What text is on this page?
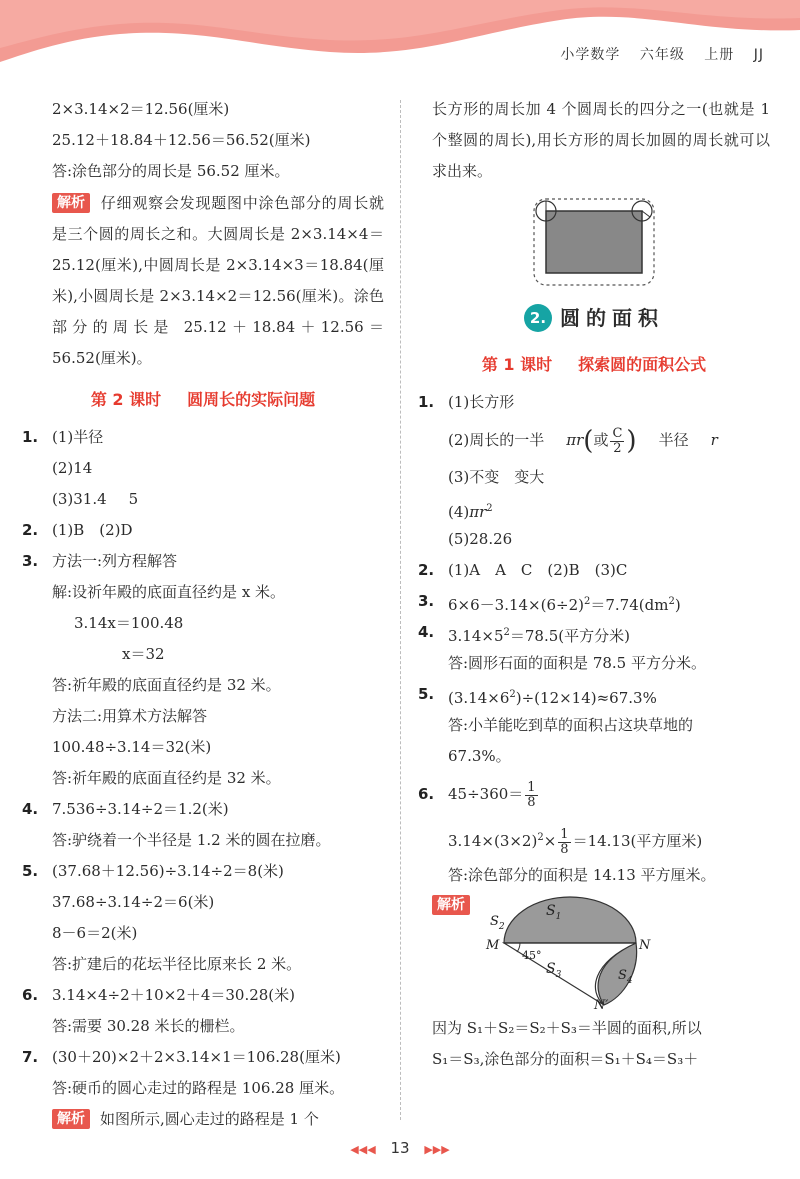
小学数学 六年级 上册 JJ
2×3.14×2＝12.56(厘米)
25.12＋18.84＋12.56＝56.52(厘米)
答:涂色部分的周长是 56.52 厘米。
解析 仔细观察会发现题图中涂色部分的周长就是三个圆的周长之和。大圆周长是 2×3.14×4＝25.12(厘米),中圆周长是 2×3.14×3＝18.84(厘米),小圆周长是 2×3.14×2＝12.56(厘米)。涂色部分的周长是 25.12＋18.84＋12.56＝56.52(厘米)。
第 2 课时 圆周长的实际问题
1. (1)半径
(2)14
(3)31.4 5
2. (1)B　(2)D
3. 方法一:列方程解答
解:设祈年殿的底面直径约是 x 米。
3.14x＝100.48
x＝32
答:祈年殿的底面直径约是 32 米。
方法二:用算术方法解答
100.48÷3.14＝32(米)
答:祈年殿的底面直径约是 32 米。
4. 7.536÷3.14÷2＝1.2(米)
答:驴绕着一个半径是 1.2 米的圆在拉磨。
5. (37.68＋12.56)÷3.14÷2＝8(米)
37.68÷3.14÷2＝6(米)
8－6＝2(米)
答:扩建后的花坛半径比原来长 2 米。
6. 3.14×4÷2＋10×2＋4＝30.28(米)
答:需要 30.28 米长的栅栏。
7. (30＋20)×2＋2×3.14×1＝106.28(厘米)
答:硬币的圆心走过的路程是 106.28 厘米。
解析 如图所示,圆心走过的路程是 1 个
长方形的周长加 4 个圆周长的四分之一(也就是 1 个整圆的周长),用长方形的周长加圆的周长就可以求出来。
2. 圆的面积
第 1 课时 探索圆的面积公式
1. (1)长方形
(2)周长的一半 πr(或 $\frac{C}{2}$ ) 半径 r
(3)不变　变大
$(4)\pi r^2$
(5)28.26
2. (1)A　A　C　(2)B　(3)C
3. $6\times 6-3.14\times(6\div 2)^2=7.74(dm^2)$
4. $3.14\times 5^2=78.5$(平方分米)
答:圆形石面的面积是 78.5 平方分米。
5. $(3.14\times 6^2)\div(12\times 14)\approx 67.3\%$
答:小羊能吃到草的面积占这块草地的
67.3%。
6. $45\div 360= \frac{1}{8}$
$3.14\times(3\times 2)^2\times \frac{1}{8} =14.13$(平方厘米)
答:涂色部分的面积是 14.13 平方厘米。
解析	$S_1$
$S_2$
$S_3$	$S_4$
M	N
N′
45°
因为 S₁＋S₂＝S₂＋S₃＝半圆的面积,所以
S₁＝S₃,涂色部分的面积＝S₁＋S₄＝S₃＋
◀◀◀ 13 ▶▶▶
